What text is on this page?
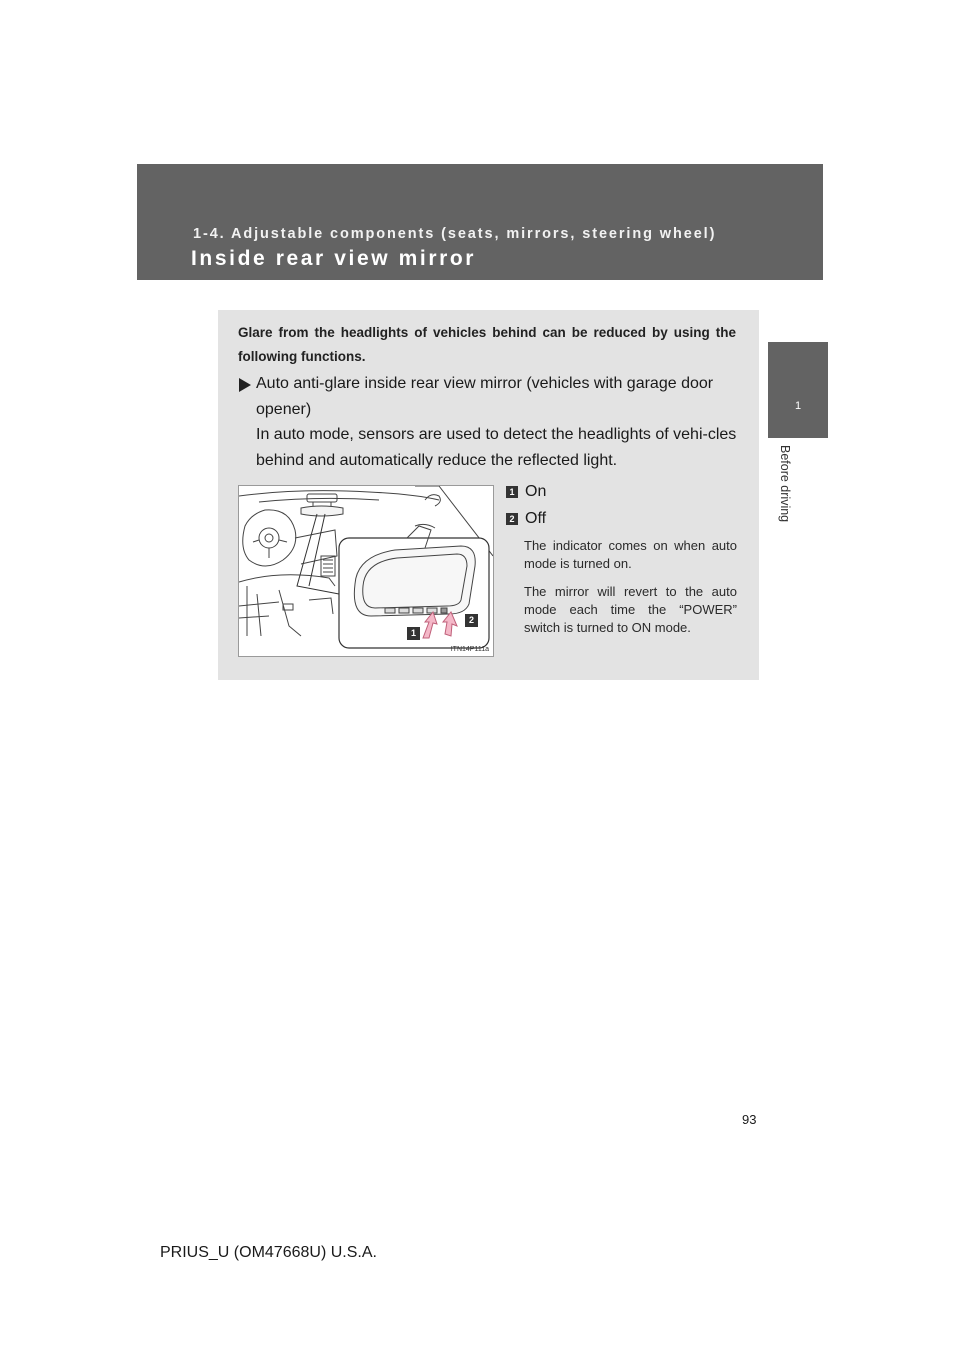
1-4. Adjustable components (seats, mirrors, steering wheel)
Inside rear view mirror
1
Before driving
Glare from the headlights of vehicles behind can be reduced by using the following functions.
Auto anti-glare inside rear view mirror (vehicles with garage door opener)
In auto mode, sensors are used to detect the headlights of vehi-cles behind and automatically reduce the reflected light.
1
2
ITN14P111a
1 On
2 Off
The indicator comes on when auto mode is turned on.
The mirror will revert to the auto mode each time the “POWER” switch is turned to ON mode.
93
PRIUS_U (OM47668U) U.S.A.
